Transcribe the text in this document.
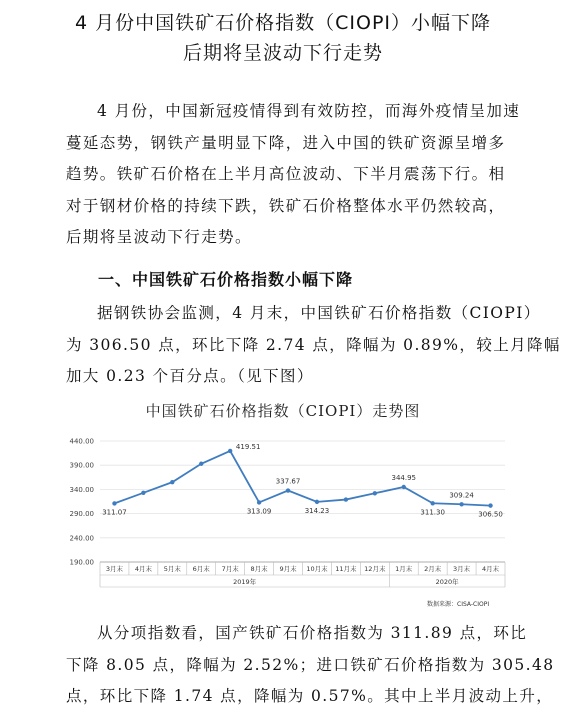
4 月份中国铁矿石价格指数（CIOPI）小幅下降
后期将呈波动下行走势
4 月份，中国新冠疫情得到有效防控，而海外疫情呈加速
蔓延态势，钢铁产量明显下降，进入中国的铁矿资源呈增多
趋势。铁矿石价格在上半月高位波动、下半月震荡下行。相
对于钢材价格的持续下跌，铁矿石价格整体水平仍然较高，
后期将呈波动下行走势。
一、中国铁矿石价格指数小幅下降
据钢铁协会监测，4 月末，中国铁矿石价格指数（CIOPI）
为 306.50 点，环比下降 2.74 点，降幅为 0.89%，较上月降幅
加大 0.23 个百分点。（见下图）
中国铁矿石价格指数（CIOPI）走势图
440.00
390.00
340.00
290.00
240.00
190.00
3月末 4月末 5月末 6月末 7月末 8月末 9月末 10月末 11月末 12月末 1月末 2月末 3月末 4月末
2019年	2020年
311.07
419.51
313.09
337.67
314.23
344.95
311.30
309.24
306.50
数据来源：CISA-CIOPI
从分项指数看，国产铁矿石价格指数为 311.89 点，环比
下降 8.05 点，降幅为 2.52%；进口铁矿石价格指数为 305.48
点，环比下降 1.74 点，降幅为 0.57%。其中上半月波动上升，
